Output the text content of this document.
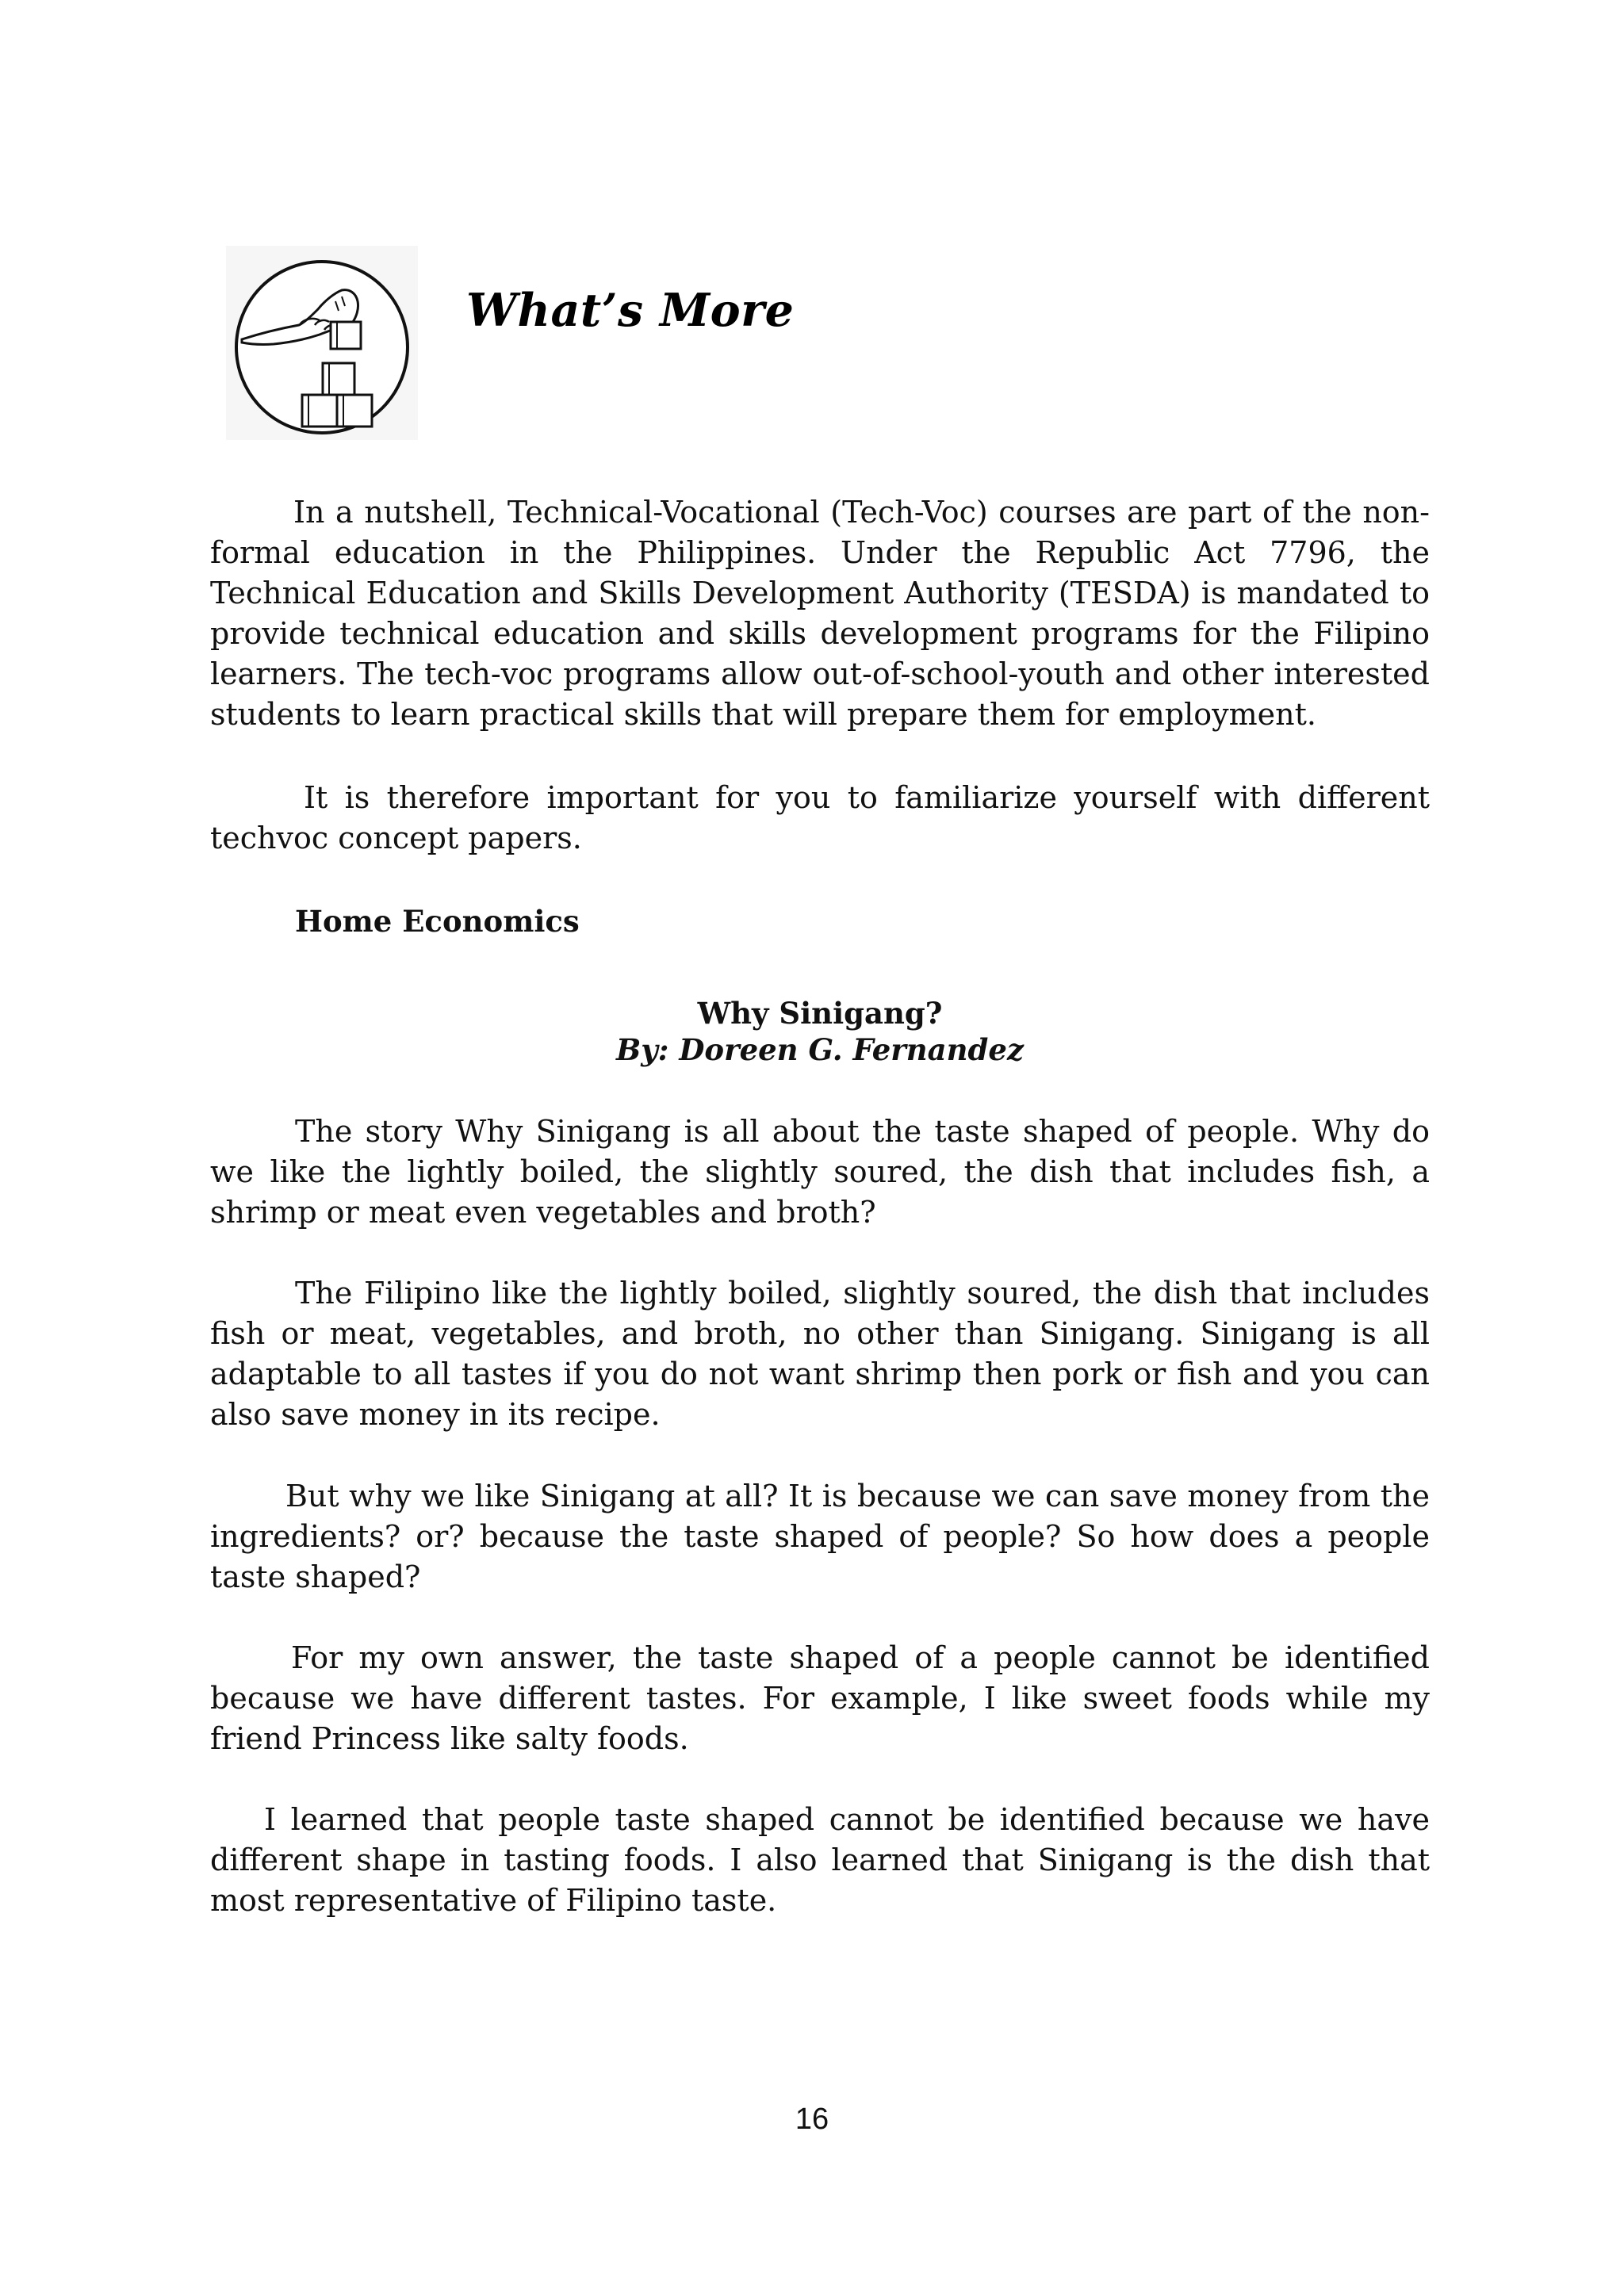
What’s More

In a nutshell, Technical-Vocational (Tech-Voc) courses are part of the non-formal education in the Philippines. Under the Republic Act 7796, the Technical Education and Skills Development Authority (TESDA) is mandated to provide technical education and skills development programs for the Filipino learners. The tech-voc programs allow out-of-school-youth and other interested students to learn practical skills that will prepare them for employment.

It is therefore important for you to familiarize yourself with different techvoc concept papers.

Home Economics

Why Sinigang?

By: Doreen G. Fernandez

The story Why Sinigang is all about the taste shaped of people. Why do we like the lightly boiled, the slightly soured, the dish that includes fish, a shrimp or meat even vegetables and broth?

The Filipino like the lightly boiled, slightly soured, the dish that includes fish or meat, vegetables, and broth, no other than Sinigang. Sinigang is all adaptable to all tastes if you do not want shrimp then pork or fish and you can also save money in its recipe.

But why we like Sinigang at all? It is because we can save money from the ingredients? or? because the taste shaped of people? So how does a people taste shaped?

For my own answer, the taste shaped of a people cannot be identified because we have different tastes. For example, I like sweet foods while my friend Princess like salty foods.

I learned that people taste shaped cannot be identified because we have different shape in tasting foods. I also learned that Sinigang is the dish that most representative of Filipino taste.

16
